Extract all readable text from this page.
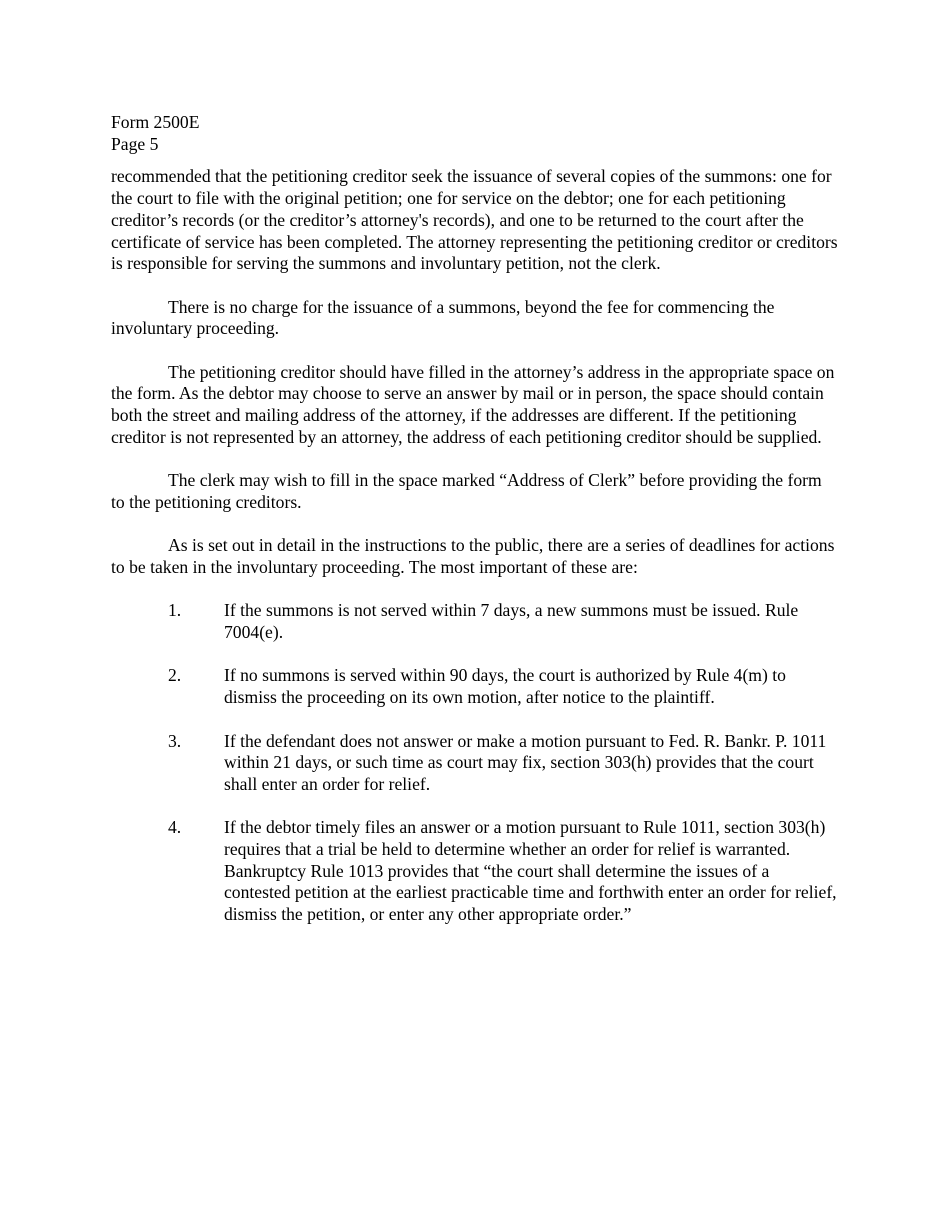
Form 2500E
Page 5

recommended that the petitioning creditor seek the issuance of several copies of the summons: one for the court to file with the original petition; one for service on the debtor; one for each petitioning creditor’s records (or the creditor’s attorney's records), and one to be returned to the court after the certificate of service has been completed. The attorney representing the petitioning creditor or creditors is responsible for serving the summons and involuntary petition, not the clerk.

There is no charge for the issuance of a summons, beyond the fee for commencing the involuntary proceeding.

The petitioning creditor should have filled in the attorney’s address in the appropriate space on the form. As the debtor may choose to serve an answer by mail or in person, the space should contain both the street and mailing address of the attorney, if the addresses are different. If the petitioning creditor is not represented by an attorney, the address of each petitioning creditor should be supplied.

The clerk may wish to fill in the space marked “Address of Clerk” before providing the form to the petitioning creditors.

As is set out in detail in the instructions to the public, there are a series of deadlines for actions to be taken in the involuntary proceeding. The most important of these are:

1.	If the summons is not served within 7 days, a new summons must be issued. Rule 7004(e).
2.	If no summons is served within 90 days, the court is authorized by Rule 4(m) to dismiss the proceeding on its own motion, after notice to the plaintiff.
3.	If the defendant does not answer or make a motion pursuant to Fed. R. Bankr. P. 1011 within 21 days, or such time as court may fix, section 303(h) provides that the court shall enter an order for relief.
4.	If the debtor timely files an answer or a motion pursuant to Rule 1011, section 303(h) requires that a trial be held to determine whether an order for relief is warranted. Bankruptcy Rule 1013 provides that “the court shall determine the issues of a contested petition at the earliest practicable time and forthwith enter an order for relief, dismiss the petition, or enter any other appropriate order.”
